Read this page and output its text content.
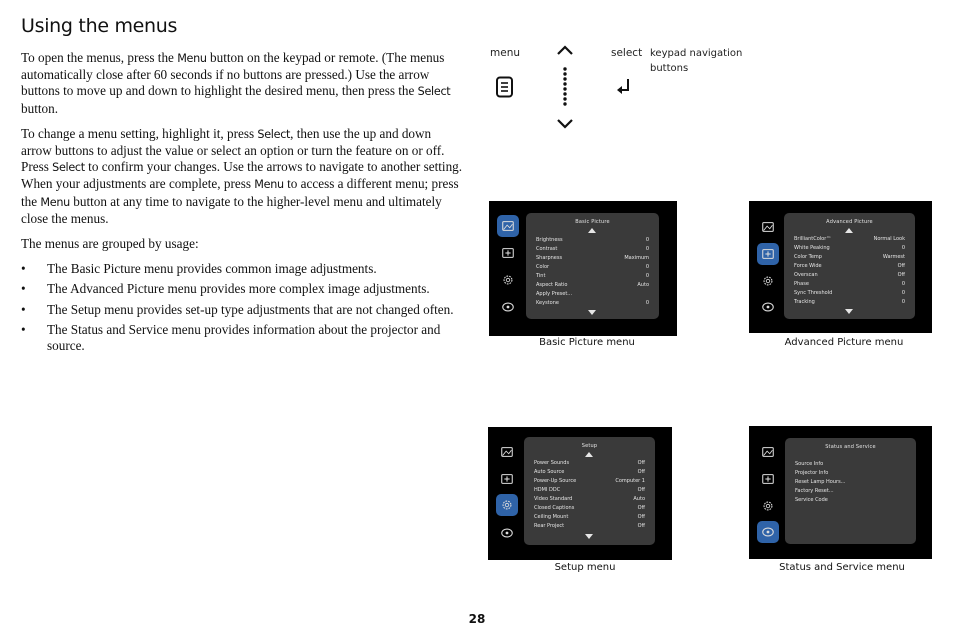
Using the menus

To open the menus, press the Menu button on the keypad or remote. (The menus automatically close after 60 seconds if no buttons are pressed.) Use the arrow buttons to move up and down to highlight the desired menu, then press the Select button.

To change a menu setting, highlight it, press Select, then use the up and down arrow buttons to adjust the value or select an option or turn the feature on or off. Press Select to confirm your changes. Use the arrows to navigate to another setting. When your adjustments are complete, press Menu to access a different menu; press the Menu button at any time to navigate to the higher-level menu and ultimately close the menus.

The menus are grouped by usage:

• The Basic Picture menu provides common image adjustments.
• The Advanced Picture menu provides more complex image adjustments.
• The Setup menu provides set-up type adjustments that are not changed often.
• The Status and Service menu provides information about the projector and source.
menu	select keypad navigation buttons
Basic Picture
Brightness	0
Contrast	0
Sharpness	Maximum
Color	0
Tint	0
Aspect Ratio	Auto
Apply Preset...
Keystone	0
Basic Picture menu
Advanced Picture
BrilliantColor™	Normal Look
White Peaking	0
Color Temp	Warmest
Force Wide	Off
Overscan	Off
Phase	0
Sync Threshold	0
Tracking	0
Advanced Picture menu
Setup
Power Sounds	Off
Auto Source	Off
Power-Up Source	Computer 1
HDMI DDC	Off
Video Standard	Auto
Closed Captions	Off
Ceiling Mount	Off
Rear Project	Off
Setup menu
Status and Service
Source Info
Projector Info
Reset Lamp Hours...
Factory Reset...
Service Code
Status and Service menu
28
